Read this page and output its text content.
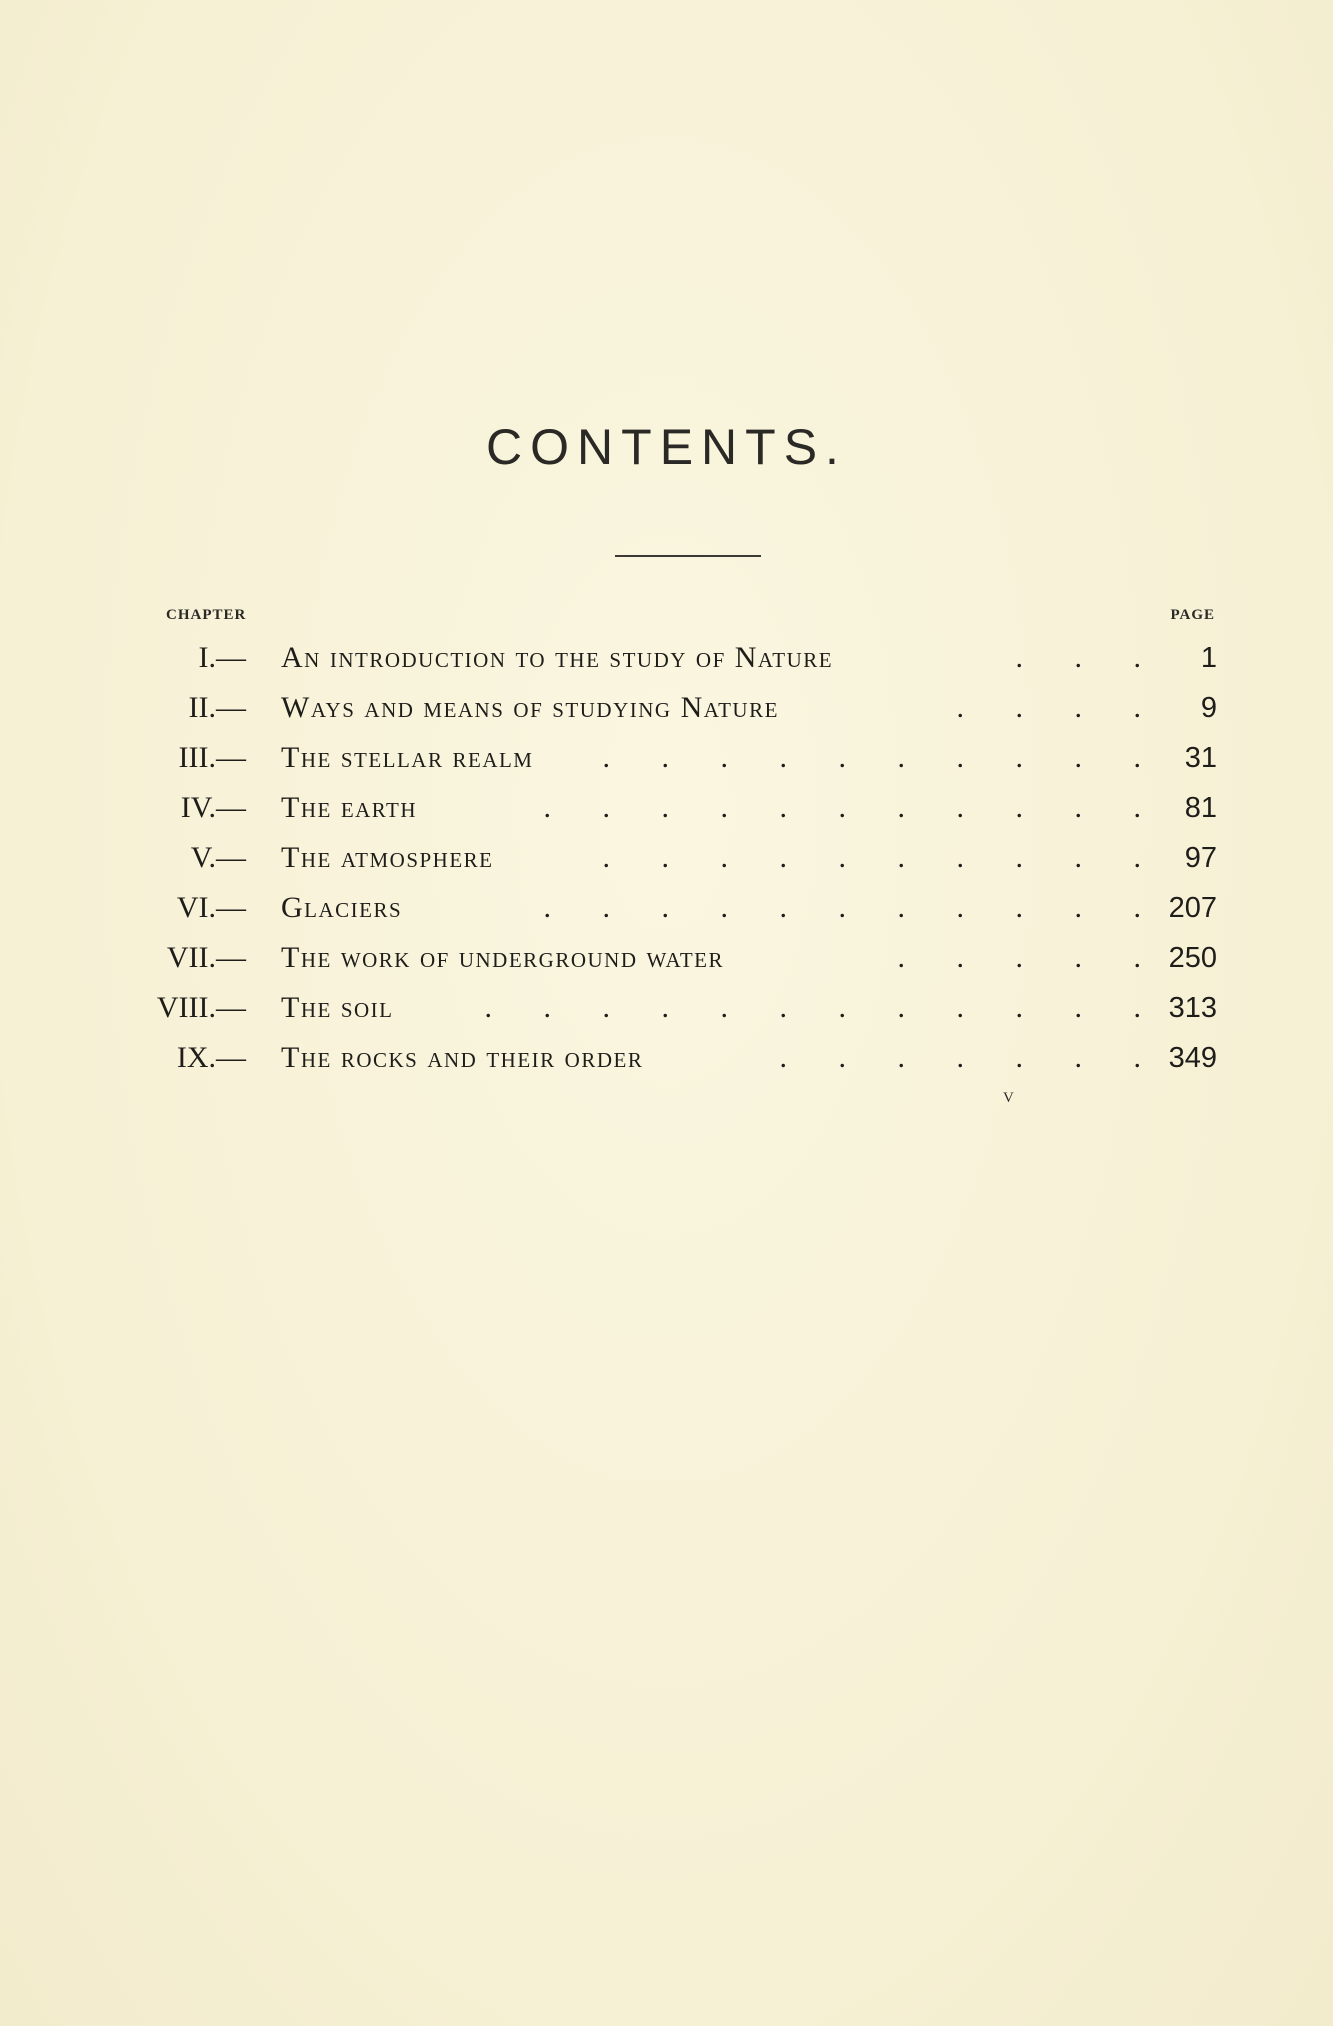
CONTENTS.
CHAPTER	PAGE
I.— An introduction to the study of Nature	. . . 1
II.— Ways and means of studying Nature	. . . . 9
III.— The stellar realm . . . . . . . . . . 31
IV.— The earth	. . . . . . . . . . . 81
V.— The atmosphere	. . . . . . . . . . 97
VI.— Glaciers	. . . . . . . . . . . 207
VII.— The work of underground water	. . . . . 250
VIII.— The soil	. . . . . . . . . . . . 313
IX.— The rocks and their order	. . . . . . . 349
v
